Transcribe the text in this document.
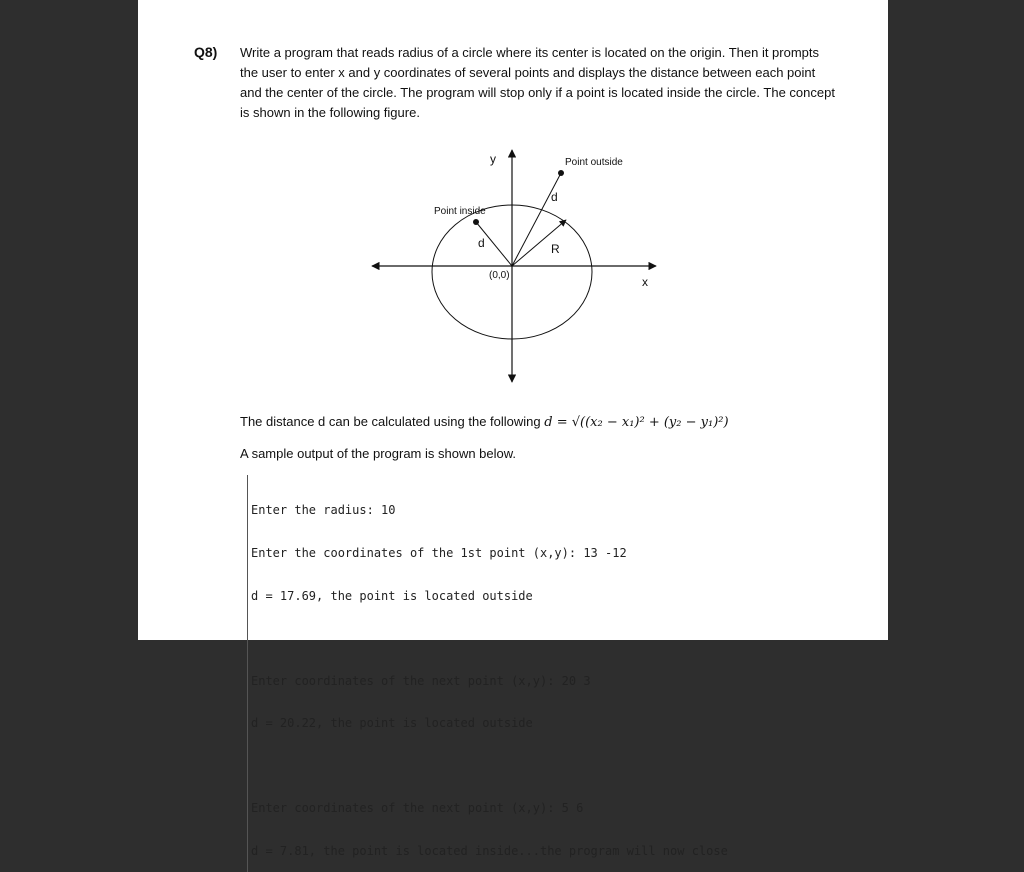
Q8) Write a program that reads radius of a circle where its center is located on the origin. Then it prompts the user to enter x and y coordinates of several points and displays the distance between each point and the center of the circle. The program will stop only if a point is located inside the circle. The concept is shown in the following figure.
y
x
(0,0)
Point outside
Point inside
d
d	R
The distance d can be calculated using the following d = √((x₂ − x₁)² + (y₂ − y₁)²)
A sample output of the program is shown below.

Enter the radius: 10

Enter the coordinates of the 1st point (x,y): 13 -12

d = 17.69, the point is located outside

Enter coordinates of the next point (x,y): 20 3

d = 20.22, the point is located outside

Enter coordinates of the next point (x,y): 5 6

d = 7.81, the point is located inside...the program will now close
